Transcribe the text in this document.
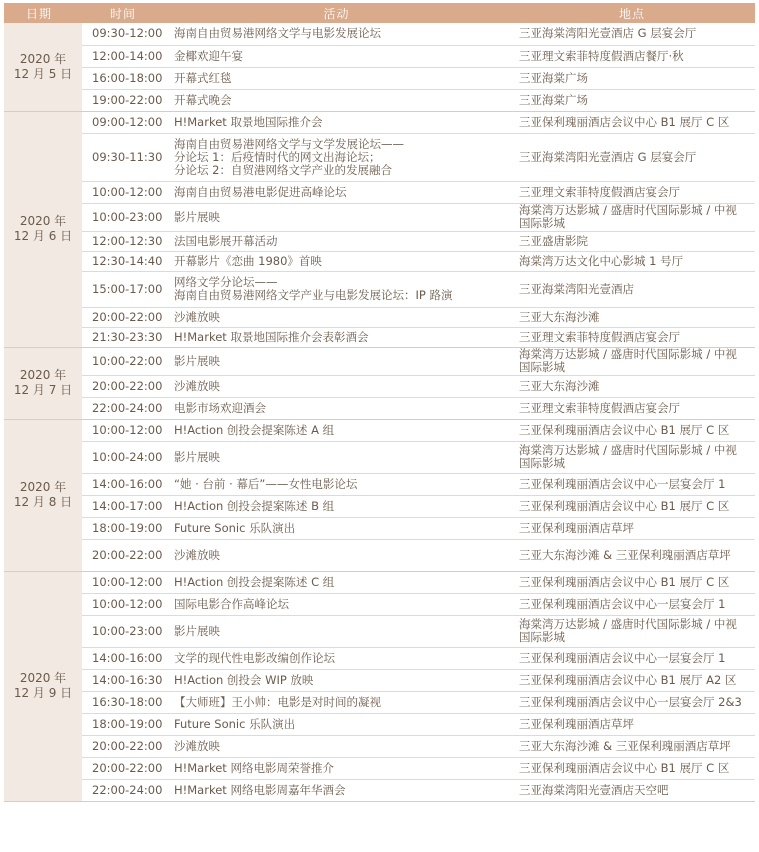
日期	时间	活动	地点

2020 年
12 月 5 日	09:30-12:00	海南自由贸易港网络文学与电影发展论坛	三亚海棠湾阳光壹酒店 G 层宴会厅

	12:00-14:00	金椰欢迎午宴	三亚理文索菲特度假酒店餐厅·秋

	16:00-18:00	开幕式红毯	三亚海棠广场

	19:00-22:00	开幕式晚会	三亚海棠广场

2020 年
12 月 6 日	09:00-12:00	H!Market 取景地国际推介会	三亚保利瑰丽酒店会议中心 B1 展厅 C 区

	09:30-11:30	海南自由贸易港网络文学与文学发展论坛——
分论坛 1：后疫情时代的网文出海论坛；
分论坛 2：自贸港网络文学产业的发展融合	三亚海棠湾阳光壹酒店 G 层宴会厅

	10:00-12:00	海南自由贸易港电影促进高峰论坛	三亚理文索菲特度假酒店宴会厅

	10:00-23:00	影片展映	海棠湾万达影城 / 盛唐时代国际影城 / 中视
国际影城

	12:00-12:30	法国电影展开幕活动	三亚盛唐影院

	12:30-14:40	开幕影片《恋曲 1980》首映	海棠湾万达文化中心影城 1 号厅

	15:00-17:00	网络文学分论坛——
海南自由贸易港网络文学产业与电影发展论坛：IP 路演	三亚海棠湾阳光壹酒店

	20:00-22:00	沙滩放映	三亚大东海沙滩

	21:30-23:30	H!Market 取景地国际推介会表彰酒会	三亚理文索菲特度假酒店宴会厅

2020 年
12 月 7 日	10:00-22:00	影片展映	海棠湾万达影城 / 盛唐时代国际影城 / 中视
国际影城

	20:00-22:00	沙滩放映	三亚大东海沙滩

	22:00-24:00	电影市场欢迎酒会	三亚理文索菲特度假酒店宴会厅

2020 年
12 月 8 日	10:00-12:00	H!Action 创投会提案陈述 A 组	三亚保利瑰丽酒店会议中心 B1 展厅 C 区

	10:00-24:00	影片展映	海棠湾万达影城 / 盛唐时代国际影城 / 中视
国际影城

	14:00-16:00	“她 · 台前 · 幕后”——女性电影论坛	三亚保利瑰丽酒店会议中心一层宴会厅 1

	14:00-17:00	H!Action 创投会提案陈述 B 组	三亚保利瑰丽酒店会议中心 B1 展厅 C 区

	18:00-19:00	Future Sonic 乐队演出	三亚保利瑰丽酒店草坪

	20:00-22:00	沙滩放映	三亚大东海沙滩 & 三亚保利瑰丽酒店草坪

2020 年
12 月 9 日	10:00-12:00	H!Action 创投会提案陈述 C 组	三亚保利瑰丽酒店会议中心 B1 展厅 C 区

	10:00-12:00	国际电影合作高峰论坛	三亚保利瑰丽酒店会议中心一层宴会厅 1

	10:00-23:00	影片展映	海棠湾万达影城 / 盛唐时代国际影城 / 中视
国际影城

	14:00-16:00	文学的现代性电影改编创作论坛	三亚保利瑰丽酒店会议中心一层宴会厅 1

	14:00-16:30	H!Action 创投会 WIP 放映	三亚保利瑰丽酒店会议中心 B1 展厅 A2 区

	16:30-18:00	【大师班】王小帅：电影是对时间的凝视	三亚保利瑰丽酒店会议中心一层宴会厅 2&3

	18:00-19:00	Future Sonic 乐队演出	三亚保利瑰丽酒店草坪

	20:00-22:00	沙滩放映	三亚大东海沙滩 & 三亚保利瑰丽酒店草坪

	20:00-22:00	H!Market 网络电影周荣誉推介	三亚保利瑰丽酒店会议中心 B1 展厅 C 区

	22:00-24:00	H!Market 网络电影周嘉年华酒会	三亚海棠湾阳光壹酒店天空吧
